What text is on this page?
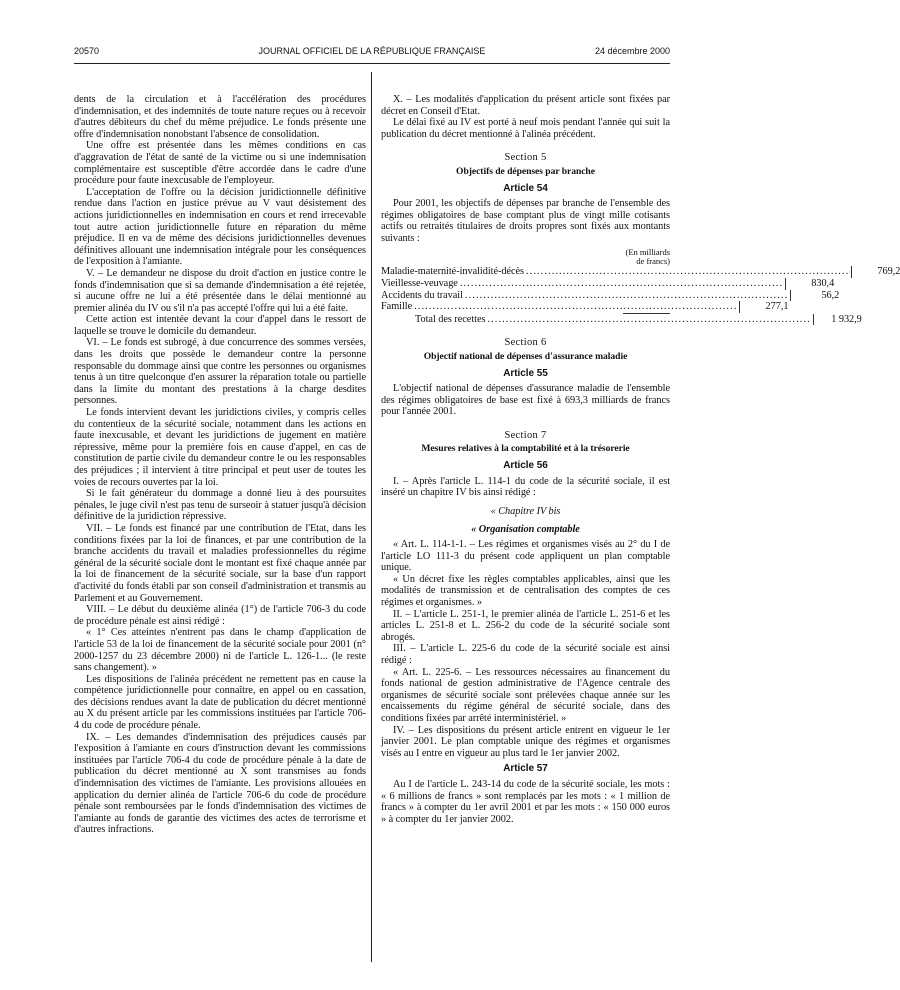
20570	JOURNAL OFFICIEL DE LA RÉPUBLIQUE FRANÇAISE	24 décembre 2000

dents de la circulation et à l'accélération des procédures d'indemnisation, et des indemnités de toute nature reçues ou à recevoir d'autres débiteurs du chef du même préjudice. Le fonds présente une offre d'indemnisation nonobstant l'absence de consolidation.

Une offre est présentée dans les mêmes conditions en cas d'aggravation de l'état de santé de la victime ou si une indemnisation complémentaire est susceptible d'être accordée dans le cadre d'une procédure pour faute inexcusable de l'employeur.

L'acceptation de l'offre ou la décision juridictionnelle définitive rendue dans l'action en justice prévue au V vaut désistement des actions juridictionnelles en indemnisation en cours et rend irrecevable tout autre action juridictionnelle future en réparation du même préjudice. Il en va de même des décisions juridictionnelles devenues définitives allouant une indemnisation intégrale pour les conséquences de l'exposition à l'amiante.

V. – Le demandeur ne dispose du droit d'action en justice contre le fonds d'indemnisation que si sa demande d'indemnisation a été rejetée, si aucune offre ne lui a été présentée dans le délai mentionné au premier alinéa du IV ou s'il n'a pas accepté l'offre qui lui a été faite.

Cette action est intentée devant la cour d'appel dans le ressort de laquelle se trouve le domicile du demandeur.

VI. – Le fonds est subrogé, à due concurrence des sommes versées, dans les droits que possède le demandeur contre la personne responsable du dommage ainsi que contre les personnes ou organismes tenus à un titre quelconque d'en assurer la réparation totale ou partielle dans la limite du montant des prestations à la charge desdites personnes.

Le fonds intervient devant les juridictions civiles, y compris celles du contentieux de la sécurité sociale, notamment dans les actions en faute inexcusable, et devant les juridictions de jugement en matière répressive, même pour la première fois en cause d'appel, en cas de constitution de partie civile du demandeur contre le ou les responsables des préjudices ; il intervient à titre principal et peut user de toutes les voies de recours ouvertes par la loi.

Si le fait générateur du dommage a donné lieu à des poursuites pénales, le juge civil n'est pas tenu de surseoir à statuer jusqu'à décision définitive de la juridiction répressive.

VII. – Le fonds est financé par une contribution de l'Etat, dans les conditions fixées par la loi de finances, et par une contribution de la branche accidents du travail et maladies professionnelles du régime général de la sécurité sociale dont le montant est fixé chaque année par la loi de financement de la sécurité sociale, sur la base d'un rapport d'activité du fonds établi par son conseil d'administration et transmis au Parlement et au Gouvernement.

VIII. – Le début du deuxième alinéa (1°) de l'article 706-3 du code de procédure pénale est ainsi rédigé :

« 1° Ces atteintes n'entrent pas dans le champ d'application de l'article 53 de la loi de financement de la sécurité sociale pour 2001 (n° 2000-1257 du 23 décembre 2000) ni de l'article L. 126-1... (le reste sans changement). »

Les dispositions de l'alinéa précédent ne remettent pas en cause la compétence juridictionnelle pour connaître, en appel ou en cassation, des décisions rendues avant la date de publication du décret mentionné au X du présent article par les commissions instituées par l'article 706-4 du code de procédure pénale.

IX. – Les demandes d'indemnisation des préjudices causés par l'exposition à l'amiante en cours d'instruction devant les commissions instituées par l'article 706-4 du code de procédure pénale à la date de publication du décret mentionné au X sont transmises au fonds d'indemnisation des victimes de l'amiante. Les provisions allouées en application du dernier alinéa de l'article 706-6 du code de procédure pénale sont remboursées par le fonds d'indemnisation des victimes de l'amiante au fonds de garantie des victimes des actes de terrorisme et d'autres infractions.

X. – Les modalités d'application du présent article sont fixées par décret en Conseil d'Etat.

Le délai fixé au IV est porté à neuf mois pendant l'année qui suit la publication du décret mentionné à l'alinéa précédent.

Section 5
Objectifs de dépenses par branche
Article 54

Pour 2001, les objectifs de dépenses par branche de l'ensemble des régimes obligatoires de base comptant plus de vingt mille cotisants actifs ou retraités titulaires de droits propres sont fixés aux montants suivants :

(En milliards
de francs)
Maladie-maternité-invalidité-décès ........................................................................................	769,2
Vieillesse-veuvage ........................................................................................	830,4
Accidents du travail ........................................................................................	56,2
Famille ........................................................................................	277,1
Total des recettes ........................................................................................	1 932,9
Section 6
Objectif national de dépenses d'assurance maladie
Article 55

L'objectif national de dépenses d'assurance maladie de l'ensemble des régimes obligatoires de base est fixé à 693,3 milliards de francs pour l'année 2001.

Section 7
Mesures relatives à la comptabilité et à la trésorerie
Article 56

I. – Après l'article L. 114-1 du code de la sécurité sociale, il est inséré un chapitre IV bis ainsi rédigé :

« Chapitre IV bis
« Organisation comptable

« Art. L. 114-1-1. – Les régimes et organismes visés au 2° du I de l'article LO 111-3 du présent code appliquent un plan comptable unique.

« Un décret fixe les règles comptables applicables, ainsi que les modalités de transmission et de centralisation des comptes de ces régimes et organismes. »

II. – L'article L. 251-1, le premier alinéa de l'article L. 251-6 et les articles L. 251-8 et L. 256-2 du code de la sécurité sociale sont abrogés.

III. – L'article L. 225-6 du code de la sécurité sociale est ainsi rédigé :

« Art. L. 225-6. – Les ressources nécessaires au financement du fonds national de gestion administrative de l'Agence centrale des organismes de sécurité sociale sont prélevées chaque année sur les encaissements du régime général de sécurité sociale, dans des conditions fixées par arrêté interministériel. »

IV. – Les dispositions du présent article entrent en vigueur le 1er janvier 2001. Le plan comptable unique des régimes et organismes visés au I entre en vigueur au plus tard le 1er janvier 2002.

Article 57

Au I de l'article L. 243-14 du code de la sécurité sociale, les mots : « 6 millions de francs » sont remplacés par les mots : « 1 million de francs » à compter du 1er avril 2001 et par les mots : « 150 000 euros » à compter du 1er janvier 2002.
